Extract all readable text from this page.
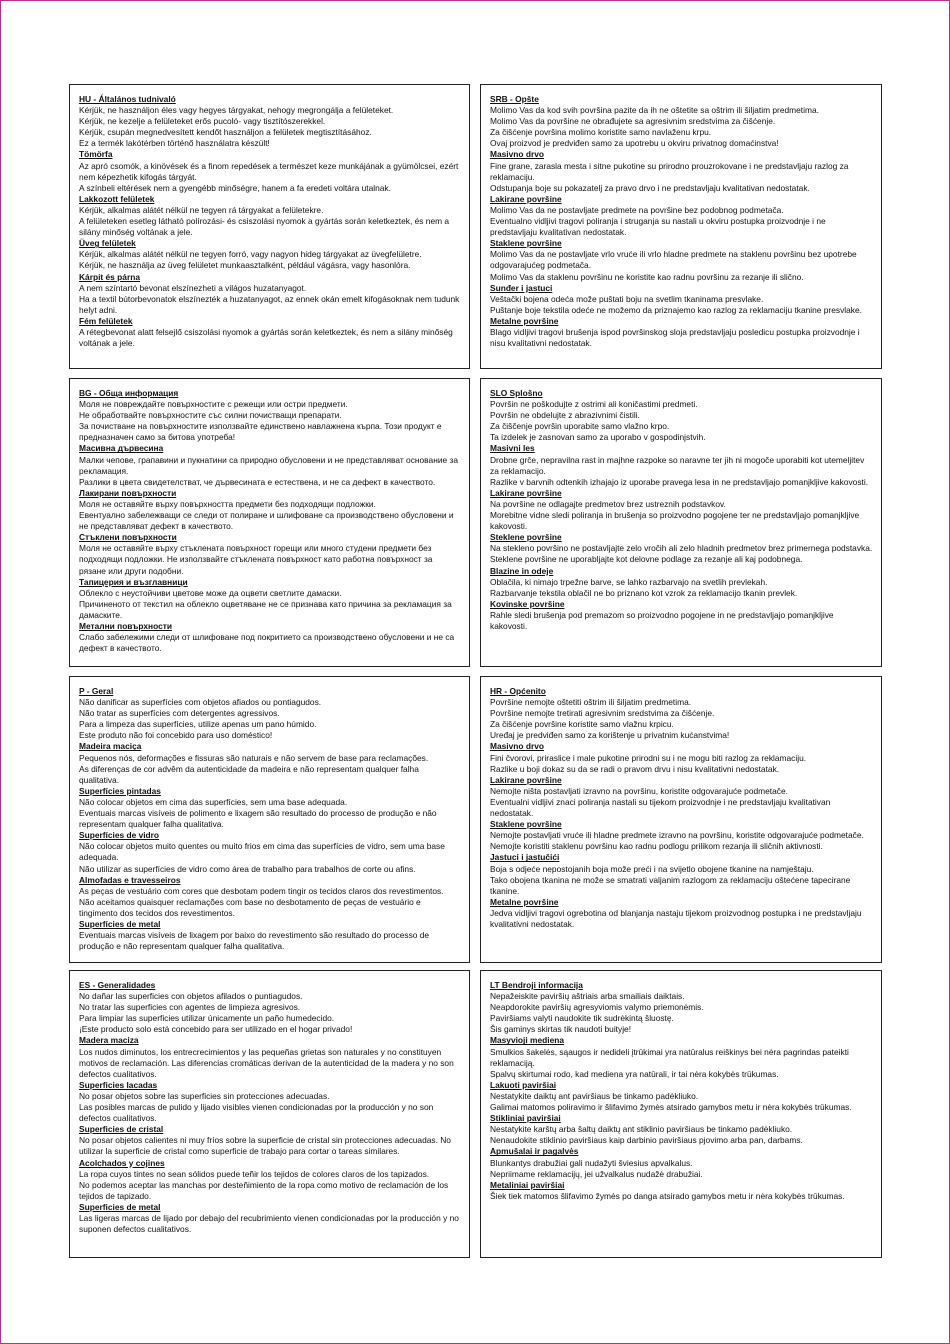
HU - Általános tudnivaló

Kérjük, ne használjon éles vagy hegyes tárgyakat, nehogy megrongálja a felületeket.

Kérjük, ne kezelje a felületeket erős pucoló- vagy tisztítószerekkel.

Kérjük, csupán megnedvesített kendőt használjon a felületek megtisztításához.

Ez a termék lakótérben történő használatra készült!

Tömörfa

Az apró csomók, a kinövések és a finom repedések a természet keze munkájának a gyümölcsei, ezért nem képezhetik kifogás tárgyát.

A színbeli eltérések nem a gyengébb minőségre, hanem a fa eredeti voltára utalnak.

Lakkozott felületek

Kérjük, alkalmas alátét nélkül ne tegyen rá tárgyakat a felületekre.

A felületeken esetleg látható polírozási- és csiszolási nyomok a gyártás során keletkeztek, és nem a silány minőség voltának a jele.

Üveg felületek

Kérjük, alkalmas alátét nélkül ne tegyen forró, vagy nagyon hideg tárgyakat az üvegfelületre.

Kérjük, ne használja az üveg felületet munkaasztalként, például vágásra, vagy hasonlóra.

Kárpit és párna

A nem színtartó bevonat elszínezheti a világos huzatanyagot.

Ha a textil bútorbevonatok elszínezték a huzatanyagot, az ennek okán emelt kifogásoknak nem tudunk helyt adni.

Fém felületek

A rétegbevonat alatt felsejlő csiszolási nyomok a gyártás során keletkeztek, és nem a silány minőség voltának a jele.

SRB - Opšte

Molimo Vas da kod svih površina pazite da ih ne oštetite sa oštrim ili šiljatim predmetima.

Molimo Vas da površine ne obrađujete sa agresivnim sredstvima za čišćenje.

Za čišćenje površina molimo koristite samo navlaženu krpu.

Ovaj proizvod je predviđen samo za upotrebu u okviru privatnog domaćinstva!

Masivno drvo

Fine grane, zarasla mesta i sitne pukotine su prirodno prouzrokovane i ne predstavljaju razlog za reklamaciju.

Odstupanja boje su pokazatelj za pravo drvo i ne predstavljaju kvalitativan nedostatak.

Lakirane površine

Molimo Vas da ne postavljate predmete na površine bez podobnog podmetača.

Eventualno vidljivi tragovi poliranja i struganja su nastali u okviru postupka proizvodnje i ne predstavljaju kvalitativan nedostatak.

Staklene površine

Molimo Vas da ne postavljate vrlo vruće ili vrlo hladne predmete na staklenu površinu bez upotrebe odgovarajućeg podmetača.

Molimo Vas da staklenu površinu ne koristite kao radnu površinu za rezanje ili slično.

Sunđer i jastuci

Veštački bojena odeća može puštati boju na svetlim tkaninama presvlake.

Puštanje boje tekstila odeće ne možemo da priznajemo kao razlog za reklamaciju tkanine presvlake.

Metalne površine

Blago vidljivi tragovi brušenja ispod površinskog sloja predstavljaju posledicu postupka proizvodnje i nisu kvalitativni nedostatak.

BG - Обща информация

Моля не повреждайте повърхностите с режещи или остри предмети.

Не обработвайте повърхностите със силни почистващи препарати.

За почистване на повърхностите използвайте единствено навлажнена кърпа. Този продукт е предназначен само за битова употреба!

Масивна дървесина

Малки чепове, грапавини и пукнатини са природно обусловени и не представляват основание за рекламация.

Разлики в цвета свидетелстват, че дървесината е естествена, и не са дефект в качеството.

Лакирани повърхности

Моля не оставяйте върху повърхността предмети без подходящи подложки.

Евентуално забележващи се следи от полиране и шлифоване са производствено обусловени и не представляват дефект в качеството.

Стъклени повърхности

Моля не оставяйте върху стъклената повърхност горещи или много студени предмети без подходящи подложки. Не използвайте стъклената повърхност като работна повърхност за рязане или други подобни.

Тапицерия и възглавници

Облекло с неустойчиви цветове може да оцвети светлите дамаски.

Причиненото от текстил на облекло оцветяване не се признава като причина за рекламация за дамаските.

Метални повърхности

Слабо забележими следи от шлифоване под покритието са производствено обусловени и не са дефект в качеството.

SLO Splošno

Površin ne poškodujte z ostrimi ali koničastimi predmeti.

Površin ne obdelujte z abrazivnimi čistili.

Za čiščenje površin uporabite samo vlažno krpo.

Ta izdelek je zasnovan samo za uporabo v gospodinjstvih.

Masivni les

Drobne grče, nepravilna rast in majhne razpoke so naravne ter jih ni mogoče uporabiti kot utemeljitev za reklamacijo.

Razlike v barvnih odtenkih izhajajo iz uporabe pravega lesa in ne predstavljajo pomanjkljive kakovosti.

Lakirane površine

Na površine ne odlagajte predmetov brez ustreznih podstavkov.

Morebitne vidne sledi poliranja in brušenja so proizvodno pogojene ter ne predstavljajo pomanjkljive kakovosti.

Steklene površine

Na stekleno površino ne postavljajte zelo vročih ali zelo hladnih predmetov brez primernega podstavka.

Steklene površine ne uporabljajte kot delovne podlage za rezanje ali kaj podobnega.

Blazine in odeje

Oblačila, ki nimajo trpežne barve, se lahko razbarvajo na svetlih prevlekah.

Razbarvanje tekstila oblačil ne bo priznano kot vzrok za reklamacijo tkanin prevlek.

Kovinske površine

Rahle sledi brušenja pod premazom so proizvodno pogojene in ne predstavljajo pomanjkljive kakovosti.

P - Geral

Não danificar as superfícies com objetos afiados ou pontiagudos.

Não tratar as superfícies com detergentes agressivos.

Para a limpeza das superfícies, utilize apenas um pano húmido.

Este produto não foi concebido para uso doméstico!

Madeira maciça

Pequenos nós, deformações e fissuras são naturais e não servem de base para reclamações.

As diferenças de cor advêm da autenticidade da madeira e não representam qualquer falha qualitativa.

Superfícies pintadas

Não colocar objetos em cima das superfícies, sem uma base adequada.

Eventuais marcas visíveis de polimento e lixagem são resultado do processo de produção e não representam qualquer falha qualitativa.

Superfícies de vidro

Não colocar objetos muito quentes ou muito frios em cima das superfícies de vidro, sem uma base adequada.

Não utilizar as superfícies de vidro como área de trabalho para trabalhos de corte ou afins.

Almofadas e travesseiros

As peças de vestuário com cores que desbotam podem tingir os tecidos claros dos revestimentos.

Não aceitamos quaisquer reclamações com base no desbotamento de peças de vestuário e tingimento dos tecidos dos revestimentos.

Superfícies de metal

Eventuais marcas visíveis de lixagem por baixo do revestimento são resultado do processo de produção e não representam qualquer falha qualitativa.

HR - Općenito

Površine nemojte oštetiti oštrim ili šiljatim predmetima.

Površine nemojte tretirati agresivnim sredstvima za čišćenje.

Za čišćenje površine koristite samo vlažnu krpicu.

Uređaj je predviđen samo za korištenje u privatnim kućanstvima!

Masivno drvo

Fini čvorovi, priraslice i male pukotine prirodni su i ne mogu biti razlog za reklamaciju.

Razlike u boji dokaz su da se radi o pravom drvu i nisu kvalitativni nedostatak.

Lakirane površine

Nemojte ništa postavljati izravno na površinu, koristite odgovarajuće podmetače.

Eventualni vidljivi znaci poliranja nastali su tijekom proizvodnje i ne predstavljaju kvalitativan nedostatak.

Staklene površine

Nemojte postavljati vruće ili hladne predmete izravno na površinu, koristite odgovarajuće podmetače.

Nemojte koristiti staklenu površinu kao radnu podlogu prilikom rezanja ili sličnih aktivnosti.

Jastuci i jastučići

Boja s odjeće nepostojanih boja može preći i na svijetlo obojene tkanine na namještaju.

Tako obojena tkanina ne može se smatrati valjanim razlogom za reklamaciju oštećene tapecirane tkanine.

Metalne površine

Jedva vidljivi tragovi ogrebotina od blanjanja nastaju tijekom proizvodnog postupka i ne predstavljaju kvalitativni nedostatak.

ES - Generalidades

No dañar las superficies con objetos afilados o puntiagudos.

No tratar las superficies con agentes de limpieza agresivos.

Para limpiar las superficies utilizar únicamente un paño humedecido.

¡Este producto solo está concebido para ser utilizado en el hogar privado!

Madera maciza

Los nudos diminutos, los entrecrecimientos y las pequeñas grietas son naturales y no constituyen motivos de reclamación. Las diferencias cromáticas derivan de la autenticidad de la madera y no son defectos cualitativos.

Superficies lacadas

No posar objetos sobre las superficies sin protecciones adecuadas.

Las posibles marcas de pulido y lijado visibles vienen condicionadas por la producción y no son defectos cualitativos.

Superficies de cristal

No posar objetos calientes ni muy fríos sobre la superficie de cristal sin protecciones adecuadas. No utilizar la superficie de cristal como superficie de trabajo para cortar o tareas similares.

Acolchados y cojines

La ropa cuyos tintes no sean sólidos puede teñir los tejidos de colores claros de los tapizados.

No podemos aceptar las manchas por desteñimiento de la ropa como motivo de reclamación de los tejidos de tapizado.

Superficies de metal

Las ligeras marcas de lijado por debajo del recubrimiento vienen condicionadas por la producción y no suponen defectos cualitativos.

LT Bendroji informacija

Nepažeiskite paviršių aštriais arba smailiais daiktais.

Neapdorokite paviršių agresyviomis valymo priemonėmis.

Paviršiams valyti naudokite tik sudrėkintą šluostę.

Šis gaminys skirtas tik naudoti buityje!

Masyvioji mediena

Smulkios šakelės, sąaugos ir nedideli įtrūkimai yra natūralus reiškinys bei nėra pagrindas pateikti reklamaciją.

Spalvų skirtumai rodo, kad mediena yra natūrali, ir tai nėra kokybės trūkumas.

Lakuoti paviršiai

Nestatykite daiktų ant paviršiaus be tinkamo padėkliuko.

Galimai matomos poliravimo ir šlifavimo žymės atsirado gamybos metu ir nėra kokybės trūkumas.

Stikliniai paviršiai

Nestatykite karštų arba šaltų daiktų ant stiklinio paviršiaus be tinkamo padėkliuko.

Nenaudokite stiklinio paviršiaus kaip darbinio paviršiaus pjovimo arba pan, darbams.

Apmušalai ir pagalvės

Blunkantys drabužiai gali nudažyti šviesius apvalkalus.

Nepriimame reklamacijų, jei užvalkalus nudažė drabužiai.

Metaliniai paviršiai

Šiek tiek matomos šlifavimo žymės po danga atsirado gamybos metu ir nėra kokybės trūkumas.
